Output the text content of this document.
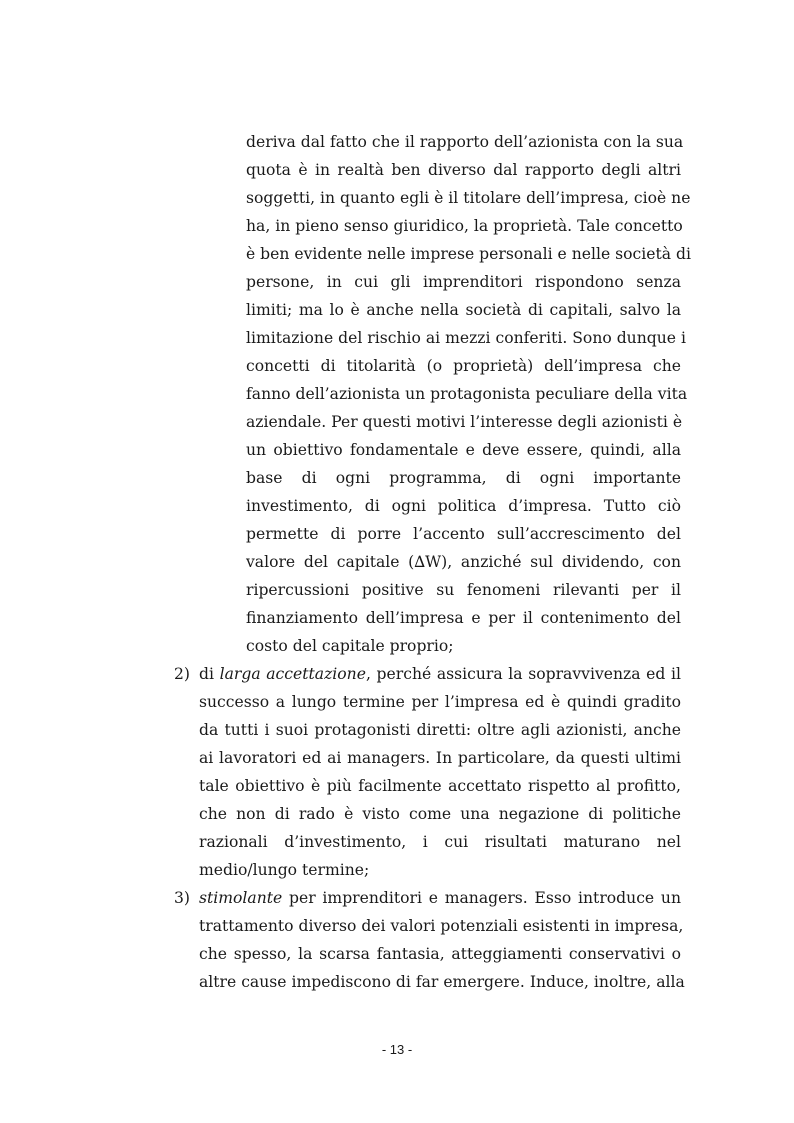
deriva dal fatto che il rapporto dell’azionista con la sua
quota è in realtà ben diverso dal rapporto degli altri
soggetti, in quanto egli è il titolare dell’impresa, cioè ne
ha, in pieno senso giuridico, la proprietà. Tale concetto
è ben evidente nelle imprese personali e nelle società di
persone, in cui gli imprenditori rispondono senza
limiti; ma lo è anche nella società di capitali, salvo la
limitazione del rischio ai mezzi conferiti. Sono dunque i
concetti di titolarità (o proprietà) dell’impresa che
fanno dell’azionista un protagonista peculiare della vita
aziendale. Per questi motivi l’interesse degli azionisti è
un obiettivo fondamentale e deve essere, quindi, alla
base di ogni programma, di ogni importante
investimento, di ogni politica d’impresa. Tutto ciò
permette di porre l’accento sull’accrescimento del
valore del capitale (∆W), anziché sul dividendo, con
ripercussioni positive su fenomeni rilevanti per il
finanziamento dell’impresa e per il contenimento del
costo del capitale proprio;
2) di larga accettazione, perché assicura la sopravvivenza ed il
successo a lungo termine per l’impresa ed è quindi gradito
da tutti i suoi protagonisti diretti: oltre agli azionisti, anche
ai lavoratori ed ai managers. In particolare, da questi ultimi
tale obiettivo è più facilmente accettato rispetto al profitto,
che non di rado è visto come una negazione di politiche
razionali d’investimento, i cui risultati maturano nel
medio/lungo termine;
3) stimolante per imprenditori e managers. Esso introduce un
trattamento diverso dei valori potenziali esistenti in impresa,
che spesso, la scarsa fantasia, atteggiamenti conservativi o
altre cause impediscono di far emergere. Induce, inoltre, alla
- 13 -
